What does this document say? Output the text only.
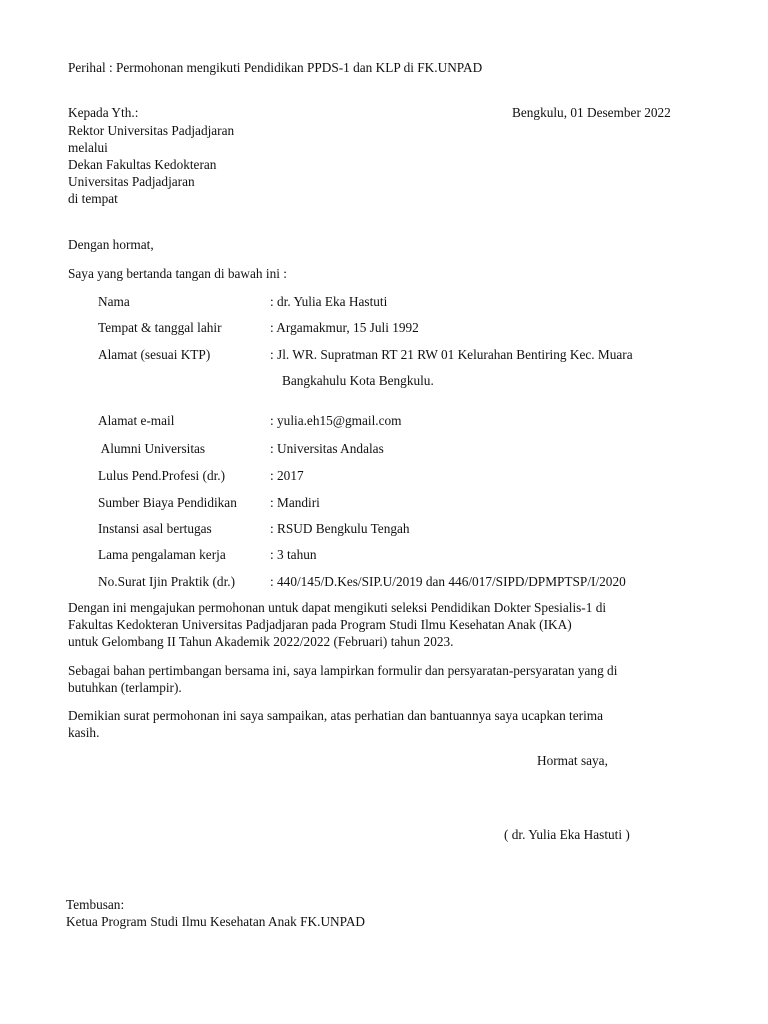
Perihal : Permohonan mengikuti Pendidikan PPDS-1 dan KLP di FK.UNPAD
Bengkulu, 01 Desember 2022
Kepada Yth.:
Rektor Universitas Padjadjaran
melalui
Dekan Fakultas Kedokteran
Universitas Padjadjaran
di tempat
Dengan hormat,
Saya yang bertanda tangan di bawah ini :
Nama	: dr. Yulia Eka Hastuti
Tempat & tanggal lahir	: Argamakmur, 15 Juli 1992
Alamat (sesuai KTP)	: Jl. WR. Supratman RT 21 RW 01 Kelurahan Bentiring Kec. Muara
Bangkahulu Kota Bengkulu.
Alamat e-mail	: yulia.eh15@gmail.com
Alumni Universitas	: Universitas Andalas
Lulus Pend.Profesi (dr.)	: 2017
Sumber Biaya Pendidikan : Mandiri
Instansi asal bertugas	: RSUD Bengkulu Tengah
Lama pengalaman kerja	: 3 tahun
No.Surat Ijin Praktik (dr.)	: 440/145/D.Kes/SIP.U/2019 dan 446/017/SIPD/DPMPTSP/I/2020
Dengan ini mengajukan permohonan untuk dapat mengikuti seleksi Pendidikan Dokter Spesialis-1 di
Fakultas Kedokteran Universitas Padjadjaran pada Program Studi Ilmu Kesehatan Anak (IKA)
untuk Gelombang II Tahun Akademik 2022/2022 (Februari) tahun 2023.
Sebagai bahan pertimbangan bersama ini, saya lampirkan formulir dan persyaratan-persyaratan yang di
butuhkan (terlampir).
Demikian surat permohonan ini saya sampaikan, atas perhatian dan bantuannya saya ucapkan terima
kasih.
Hormat saya,
( dr. Yulia Eka Hastuti )
Tembusan:
Ketua Program Studi Ilmu Kesehatan Anak FK.UNPAD
